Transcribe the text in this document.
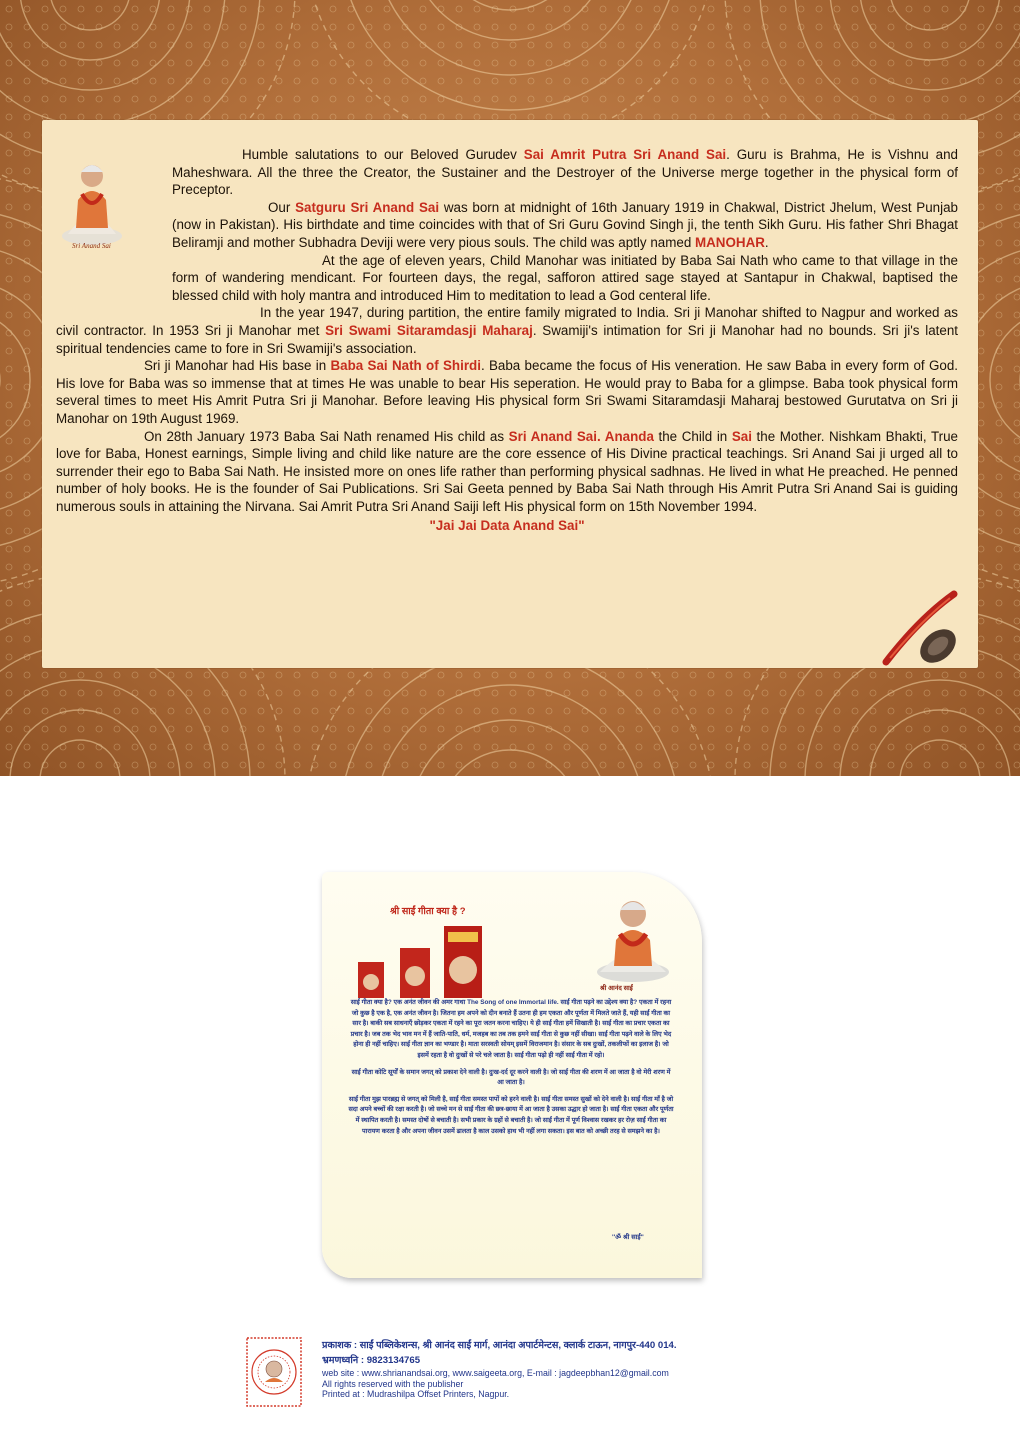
Sri Anand Sai

Humble salutations to our Beloved Gurudev Sai Amrit Putra Sri Anand Sai. Guru is Brahma, He is Vishnu and Maheshwara. All the three the Creator, the Sustainer and the Destroyer of the Universe merge together in the physical form of Preceptor.

Our Satguru Sri Anand Sai was born at midnight of 16th January 1919 in Chakwal, District Jhelum, West Punjab (now in Pakistan). His birthdate and time coincides with that of Sri Guru Govind Singh ji, the tenth Sikh Guru. His father Shri Bhagat Beliramji and mother Subhadra Deviji were very pious souls. The child was aptly named MANOHAR.

At the age of eleven years, Child Manohar was initiated by Baba Sai Nath who came to that village in the form of wandering mendicant. For fourteen days, the regal, safforon attired sage stayed at Santapur in Chakwal, baptised the blessed child with holy mantra and introduced Him to meditation to lead a God centeral life.

In the year 1947, during partition, the entire family migrated to India. Sri ji Manohar shifted to Nagpur and worked as civil contractor. In 1953 Sri ji Manohar met Sri Swami Sitaramdasji Maharaj. Swamiji's intimation for Sri ji Manohar had no bounds. Sri ji's latent spiritual tendencies came to fore in Sri Swamiji's association.

Sri ji Manohar had His base in Baba Sai Nath of Shirdi. Baba became the focus of His veneration. He saw Baba in every form of God. His love for Baba was so immense that at times He was unable to bear His seperation. He would pray to Baba for a glimpse. Baba took physical form several times to meet His Amrit Putra Sri ji Manohar. Before leaving His physical form Sri Swami Sitaramdasji Maharaj bestowed Gurutatva on Sri ji Manohar on 19th August 1969.

On 28th January 1973 Baba Sai Nath renamed His child as Sri Anand Sai. Ananda the Child in Sai the Mother. Nishkam Bhakti, True love for Baba, Honest earnings, Simple living and child like nature are the core essence of His Divine practical teachings. Sri Anand Sai ji urged all to surrender their ego to Baba Sai Nath. He insisted more on ones life rather than performing physical sadhnas. He lived in what He preached. He penned number of holy books. He is the founder of Sai Publications. Sri Sai Geeta penned by Baba Sai Nath through His Amrit Putra Sri Anand Sai is guiding numerous souls in attaining the Nirvana. Sai Amrit Putra Sri Anand Saiji left His physical form on 15th November 1994.

"Jai Jai Data Anand Sai"

श्री साईं गीता क्या है ?
श्री आनंद साईं

साईं गीता क्या है? एक अनंत जीवन की अमर गाथा The Song of one Immortal life. साईं गीता पढ़ने का उद्देश्य क्या है? एकता में रहना जो कुछ है एक है, एक अनंत जीवन है। जितना हम अपने को दीन बनाते हैं उतना ही हम एकता और पूर्णता में मिलते जाते हैं, यही साईं गीता का सार है। बाकी सब साधनाएँ छोड़कर एकता में रहने का पूरा जतन करना चाहिए। ये ही साईं गीता हमें सिखाती है। साईं गीता का प्रचार एकता का प्रचार है। जब तक भेद भाव मन में हैं जाति-पाति, धर्म, मजहब का तब तक हमने साईं गीता से कुछ नहीं सीखा। साईं गीता पढ़ने वाले के लिए भेद होना ही नहीं चाहिए। साईं गीता ज्ञान का भण्डार है। माता सरस्वती सोयम् इसमें विराजमान है। संसार के सब दुःखों, तकलीफों का इलाज है। जो इसमें रहता है वो दुःखों से परे चले जाता है। साईं गीता पढ़ो ही नहीं साईं गीता में रहो।

साईं गीता कोटि सूर्यों के समान जगत् को प्रकाश देने वाली है। दुःख-दर्द दूर करने वाली है। जो साईं गीता की शरण में आ जाता है वो मेरी शरण में आ जाता है।

साईं गीता मुझ पारब्रह्म से जगत् को मिली है, साईं गीता समस्त पापों को हरने वाली है। साईं गीता समस्त सुखों को देने वाली है। साईं गीता माँ है जो सदा अपने बच्चों की रक्षा करती है। जो सच्चे मन से साईं गीता की छत्र-छाया में आ जाता है उसका उद्धार हो जाता है। साईं गीता एकता और पूर्णता में स्थापित करती है। समस्त दोषों से बचाती है। सभी प्रकार के ग्रहों से बचाती है। जो साईं गीता में पूर्ण विश्वास रखकर हर रोज़ साईं गीता का पारायण करता है और अपना जीवन उसमें ढालता है काल उसको हाथ भी नहीं लगा सकता। इस बात को अच्छी तरह से समझने का है।

''ॐ श्री साईं''

प्रकाशक : साईं पब्लिकेशन्स, श्री आनंद साईं मार्ग, आनंदा अपार्टमेन्टस, क्लार्क टाऊन, नागपुर-440 014.

भ्रमणध्वनि : 9823134765

web site : www.shrianandsai.org, www.saigeeta.org, E-mail : jagdeepbhan12@gmail.com

All rights reserved with the publisher

Printed at : Mudrashilpa Offset Printers, Nagpur.
